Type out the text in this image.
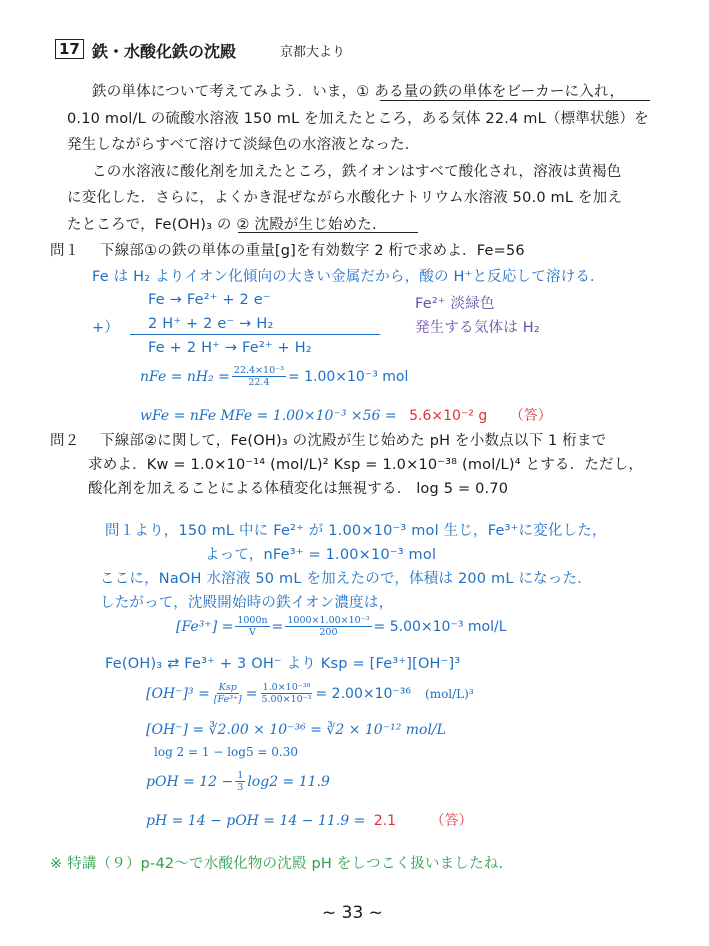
17 鉄・水酸化鉄の沈殿	京都大より
鉄の単体について考えてみよう．いま，① ある量の鉄の単体をビーカーに入れ，
0.10 mol/L の硫酸水溶液 150 mL を加えたところ，ある気体 22.4 mL（標準状態）を
発生しながらすべて溶けて淡緑色の水溶液となった．
この水溶液に酸化剤を加えたところ，鉄イオンはすべて酸化され，溶液は黄褐色
に変化した．さらに，よくかき混ぜながら水酸化ナトリウム水溶液 50.0 mL を加え
たところで，Fe(OH)₃ の ② 沈殿が生じ始めた．
問１ 下線部①の鉄の単体の重量[g]を有効数字 2 桁で求めよ．Fe=56
Fe は H₂ よりイオン化傾向の大きい金属だから，酸の H⁺と反応して溶ける．
Fe → Fe²⁺ + 2 e⁻	Fe²⁺ 淡緑色
+） 2 H⁺ + 2 e⁻ → H₂	発生する気体は H₂
Fe + 2 H⁺ → Fe²⁺ + H₂
nFe = $nH_2 = \frac{\text{22.4×10⁻³}}{22.4} = 1.00\times 10^{-3}$ mol
wFe = nFe MFe = 1.00×10⁻³ ×56 = 5.6×10⁻² g （答）
問２ 下線部②に関して，Fe(OH)₃ の沈殿が生じ始めた pH を小数点以下 1 桁まで
求めよ．Kw = 1.0×10⁻¹⁴ (mol/L)² Ksp = 1.0×10⁻³⁸ (mol/L)⁴ とする．ただし，
酸化剤を加えることによる体積変化は無視する． log 5 = 0.70
問１より，150 mL 中に Fe²⁺ が 1.00×10⁻³ mol 生じ，Fe³⁺に変化した，
よって，nFe³⁺ = 1.00×10⁻³ mol
ここに，NaOH 水溶液 50 mL を加えたので，体積は 200 mL になった．
したがって，沈殿開始時の鉄イオン濃度は，
$[Fe^{3+}] = \frac{1000n}{V} = \frac{\text{1000×1.00×10⁻³}}{200} = 5.00\times 10^{-3}$ mol/L
Fe(OH)₃ ⇄ Fe³⁺ + 3 OH⁻ より Ksp = [Fe³⁺][OH⁻]³
$[OH^-]^3 = \frac{\text{Ksp}}{\text{[Fe³⁺]}} = \frac{\text{1.0×10⁻³⁸}}{\text{5.00×10⁻³}} = 2.00\times 10^{-36}$ (mol/L)³
[OH⁻] = ∛2.00 × 10⁻³⁶ = ∛2 × 10⁻¹² mol/L
log 2 = 1 − log5 = 0.30
pOH = $12 - \frac{1}{3} \log 2 = 11.9$
pH = 14 − pOH = 14 − 11.9 = 2.1 （答）
※ 特講（９）p-42～で水酸化物の沈殿 pH をしつこく扱いましたね．
~ 33 ~
